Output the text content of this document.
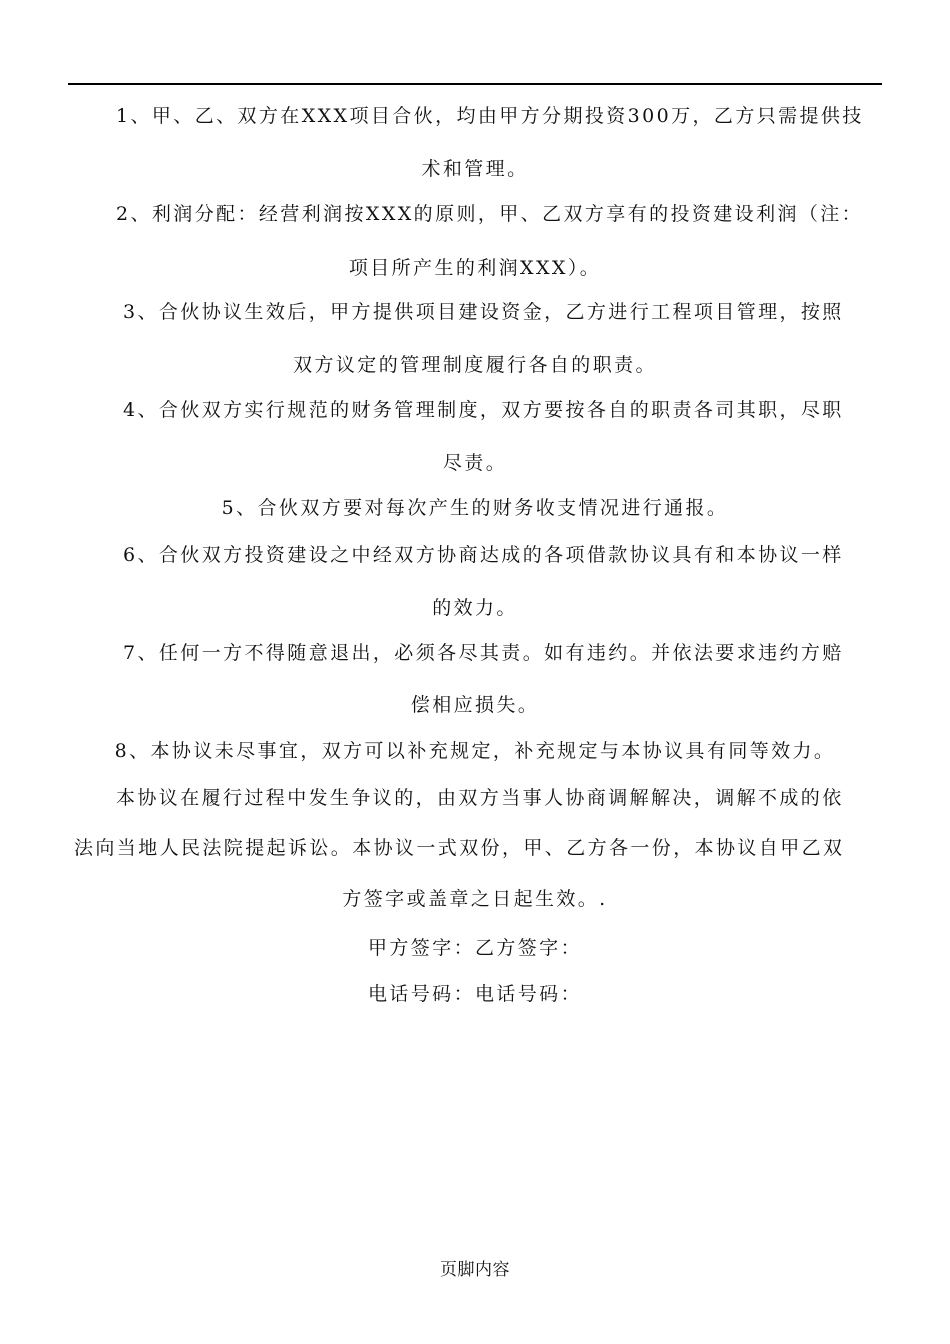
1、甲、乙、双方在XXX项目合伙，均由甲方分期投资300万，乙方只需提供技
术和管理。
2、利润分配：经营利润按XXX的原则，甲、乙双方享有的投资建设利润（注：
项目所产生的利润XXX）。
3、合伙协议生效后，甲方提供项目建设资金，乙方进行工程项目管理，按照
双方议定的管理制度履行各自的职责。
4、合伙双方实行规范的财务管理制度，双方要按各自的职责各司其职，尽职
尽责。
5、合伙双方要对每次产生的财务收支情况进行通报。
6、合伙双方投资建设之中经双方协商达成的各项借款协议具有和本协议一样
的效力。
7、任何一方不得随意退出，必须各尽其责。如有违约。并依法要求违约方赔
偿相应损失。
8、本协议未尽事宜，双方可以补充规定，补充规定与本协议具有同等效力。
本协议在履行过程中发生争议的，由双方当事人协商调解解决，调解不成的依
法向当地人民法院提起诉讼。本协议一式双份，甲、乙方各一份，本协议自甲乙双
方签字或盖章之日起生效。.
甲方签字：乙方签字：
电话号码：电话号码：
页脚内容
